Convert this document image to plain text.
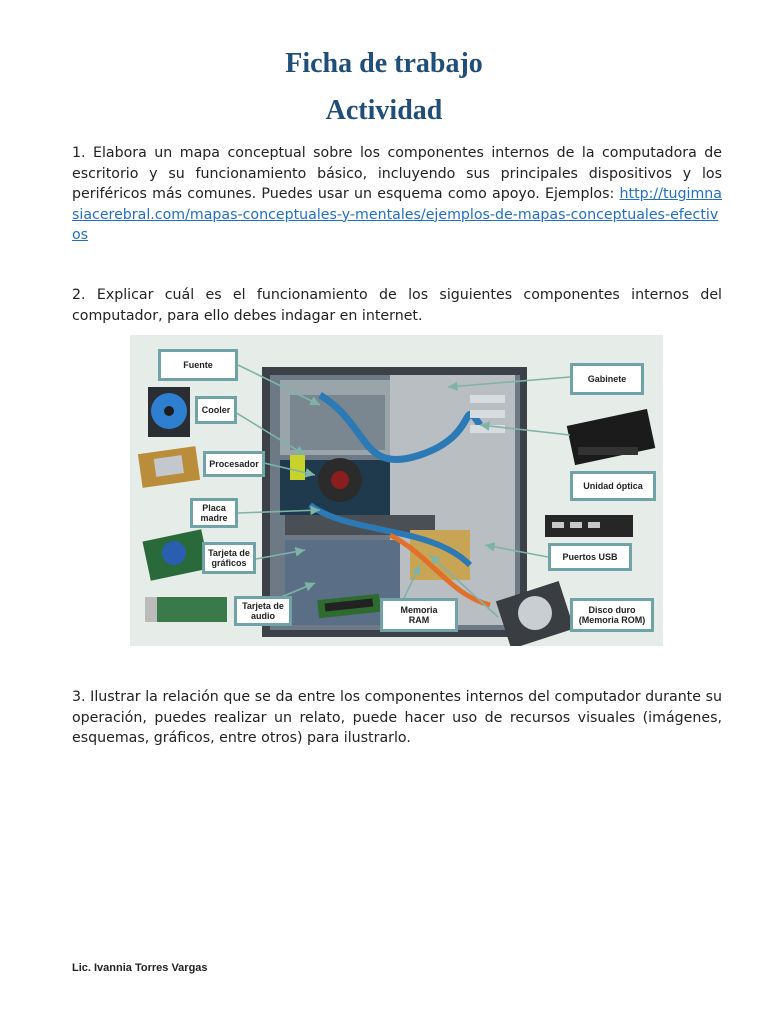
Ficha de trabajo
Actividad

1. Elabora un mapa conceptual sobre los componentes internos de la computadora de escritorio y su funcionamiento básico, incluyendo sus principales dispositivos y los periféricos más comunes. Puedes usar un esquema como apoyo. Ejemplos: http://tugimnasiacerebral.com/mapas-conceptuales-y-mentales/ejemplos-de-mapas-conceptuales-efectivos

2. Explicar cuál es el funcionamiento de los siguientes componentes internos del computador, para ello debes indagar en internet.

Fuente
Cooler
Procesador
Placa
madre
Tarjeta de
gráficos
Tarjeta de
audio
Memoria
RAM
Gabinete
Unidad óptica
Puertos USB
Disco duro
(Memoria ROM)

3. Ilustrar la relación que se da entre los componentes internos del computador durante su operación, puedes realizar un relato, puede hacer uso de recursos visuales (imágenes, esquemas, gráficos, entre otros) para ilustrarlo.

Lic. Ivannia Torres Vargas
